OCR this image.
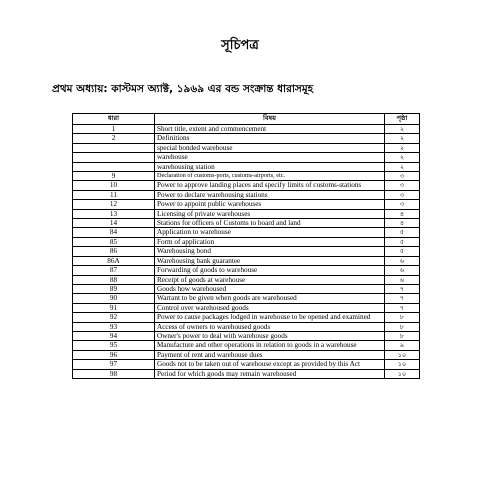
সূচিপত্র
প্রথম অধ্যায়: কাস্টমস অ্যাক্ট, ১৯৬৯ এর বন্ড সংক্রান্ত ধারাসমূহ
ধারা	বিষয়	পৃষ্ঠা
1	Short title, extent and commencement	২
2	Definitions	২
	special bonded warehouse	২
	warehouse	২
	warehousing station	২
9	Declaration of customs-ports, customs-airports, etc.	৩
10	Power to approve landing places and specify limits of customs-stations	৩
11	Power to declare warehousing stations	৩
12	Power to appoint public warehouses	৩
13	Licensing of private warehouses	৪
14	Stations for officers of Customs to board and land	৪
84	Application to warehouse	৫
85	Form of application	৫
86	Warehousing bond	৫
86A	Warehousing bank guarantee	৬
87	Forwarding of goods to warehouse	৬
88	Receipt of goods at warehouse	৬
89	Goods how warehoused	৭
90	Warrant to be given when goods are warehoused	৭
91	Control over warehoused goods	৭
92	Power to cause packages lodged in warehouse to be opened and examined	৮
93	Access of owners to warehoused goods	৮
94	Owner's power to deal with warehouse goods	৮
95	Manufacture and other operations in relation to goods in a warehouse	৯
96	Payment of rent and warehouse dues	১০
97	Goods not to be taken out of warehouse except as provided by this Act	১০
98	Period for which goods may remain warehoused	১০
